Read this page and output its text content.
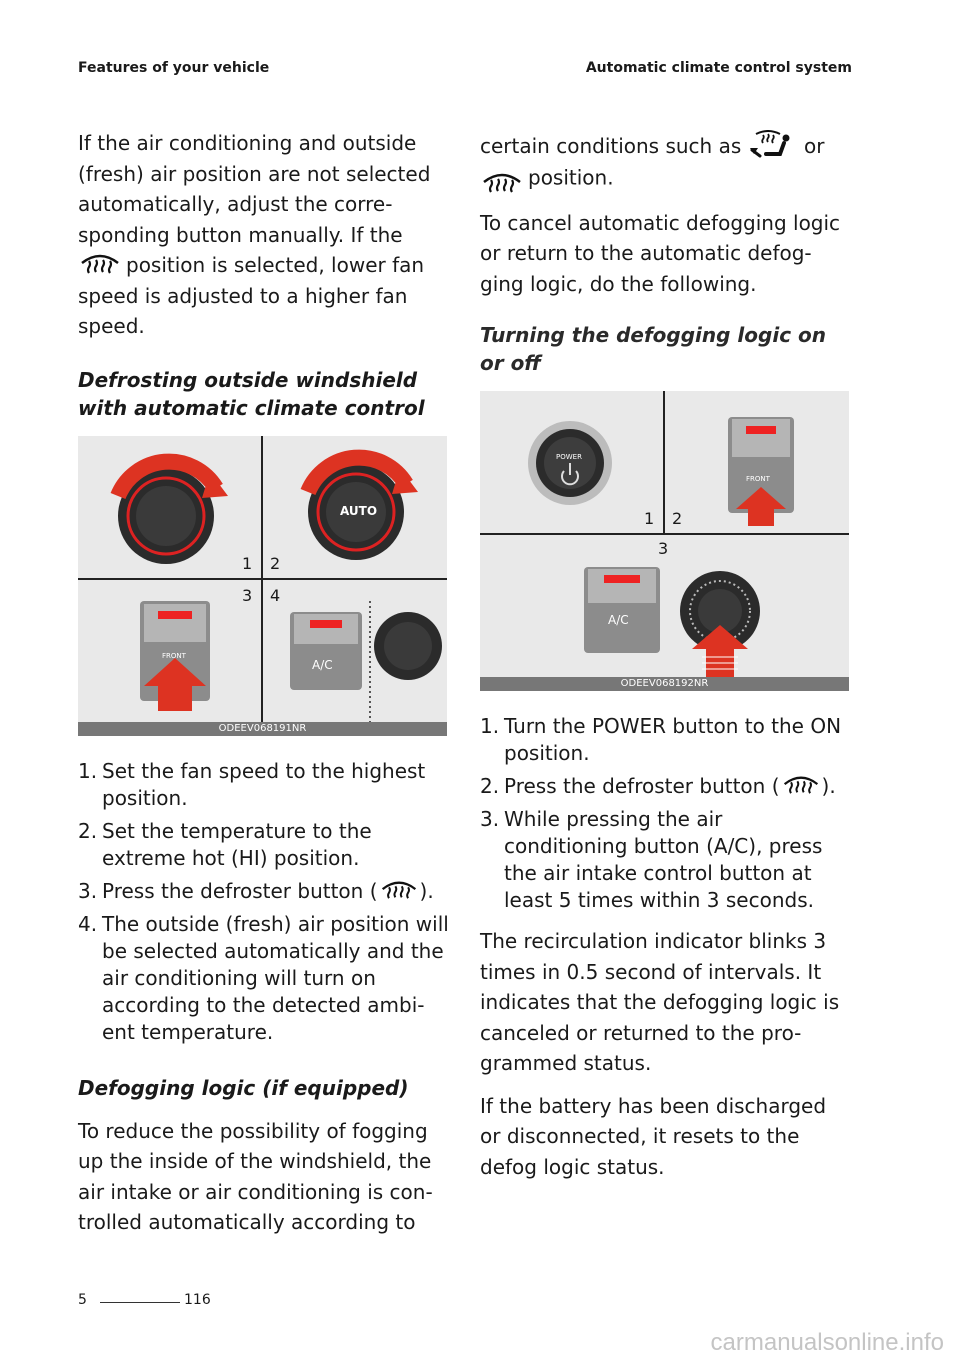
Features of your vehicle	Automatic climate control system

If the air conditioning and outside (fresh) air position are not selected automatically, adjust the corre- sponding button manually. If the
position is selected, lower fan speed is adjusted to a higher fan speed.

Defrosting outside windshield with automatic climate control
1 2
3 4
AUTO
FRONT
A/C
ODEEV068191NR
1. Set the fan speed to the highest position.
2. Set the temperature to the extreme hot (HI) position.
3. Press the defroster button ( ).
4. The outside (fresh) air position will be selected automatically and the air conditioning will turn on according to the detected ambi- ent temperature.
Defogging logic (if equipped)

To reduce the possibility of fogging up the inside of the windshield, the air intake or air conditioning is con- trolled automatically according to

certain conditions such as	or
position.

To cancel automatic defogging logic or return to the automatic defog- ging logic, do the following.

Turning the defogging logic on or off
1 2
3
POWER
FRONT
A/C
ODEEV068192NR
1. Turn the POWER button to the ON position.
2. Press the defroster button ( ).
3. While pressing the air conditioning button (A/C), press the air intake control button at least 5 times within 3 seconds.

The recirculation indicator blinks 3 times in 0.5 second of intervals. It indicates that the defogging logic is canceled or returned to the pro- grammed status.

If the battery has been discharged or disconnected, it resets to the defog logic status.

5	116
carmanualsonline.info
